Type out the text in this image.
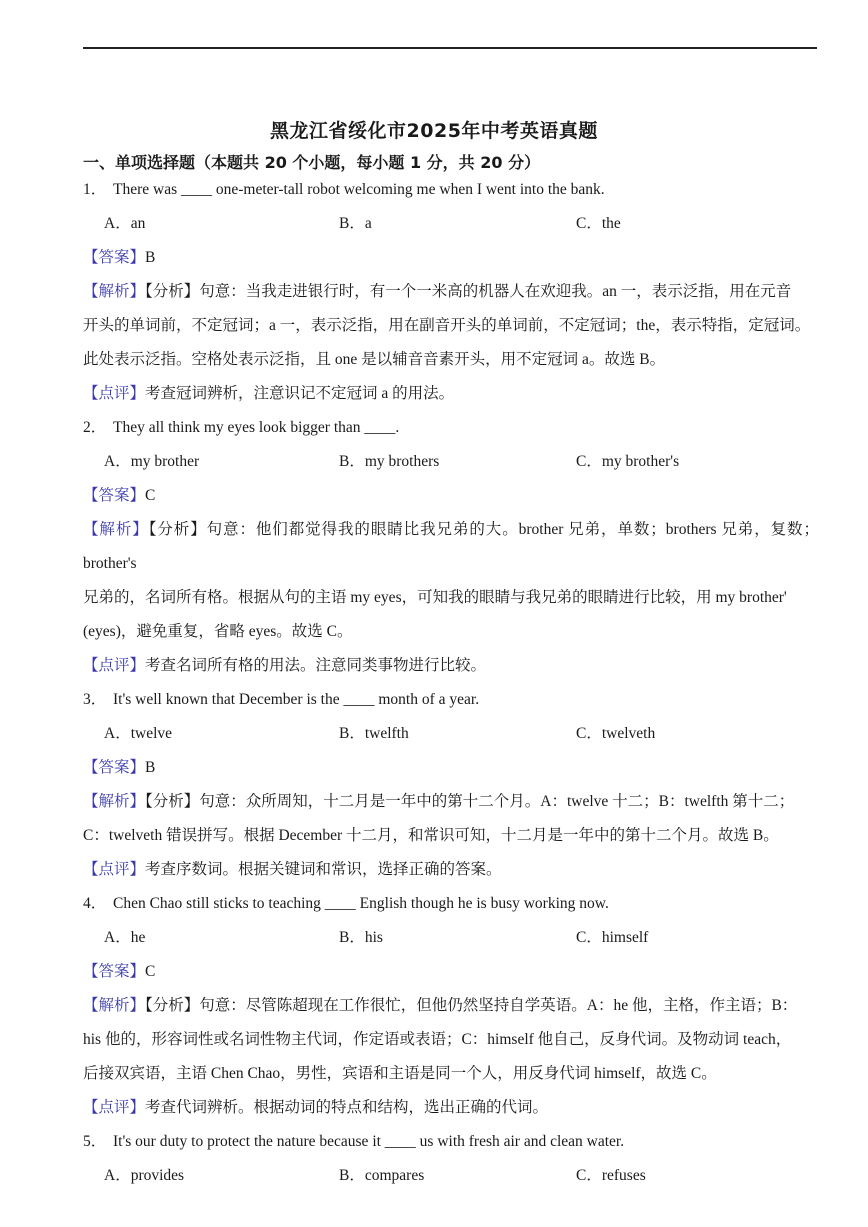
黑龙江省绥化市2025年中考英语真题
一、单项选择题（本题共 20 个小题，每小题 1 分，共 20 分）
1． There was ____ one-meter-tall robot welcoming me when I went into the bank.
A．an	B．a	C．the
【答案】B
【解析】【分析】句意：当我走进银行时，有一个一米高的机器人在欢迎我。an 一，表示泛指，用在元音
开头的单词前，不定冠词；a 一，表示泛指，用在副音开头的单词前，不定冠词；the，表示特指，定冠词。
此处表示泛指。空格处表示泛指，且 one 是以辅音音素开头，用不定冠词 a。故选 B。
【点评】考查冠词辨析，注意识记不定冠词 a 的用法。
2． They all think my eyes look bigger than ____.
A．my brother	B．my brothers	C．my brother's
【答案】C
【解析】【分析】句意：他们都觉得我的眼睛比我兄弟的大。brother 兄弟，单数；brothers 兄弟，复数；brother's
兄弟的，名词所有格。根据从句的主语 my eyes，可知我的眼睛与我兄弟的眼睛进行比较，用 my brother'
(eyes)，避免重复，省略 eyes。故选 C。
【点评】考查名词所有格的用法。注意同类事物进行比较。
3． It's well known that December is the ____ month of a year.
A．twelve	B．twelfth	C．twelveth
【答案】B
【解析】【分析】句意：众所周知，十二月是一年中的第十二个月。A：twelve 十二；B：twelfth 第十二；
C：twelveth 错误拼写。根据 December 十二月，和常识可知，十二月是一年中的第十二个月。故选 B。
【点评】考查序数词。根据关键词和常识，选择正确的答案。
4． Chen Chao still sticks to teaching ____ English though he is busy working now.
A．he	B．his	C．himself
【答案】C
【解析】【分析】句意：尽管陈超现在工作很忙，但他仍然坚持自学英语。A：he 他，主格，作主语；B：
his 他的，形容词性或名词性物主代词，作定语或表语；C：himself 他自己，反身代词。及物动词 teach，
后接双宾语，主语 Chen Chao，男性，宾语和主语是同一个人，用反身代词 himself，故选 C。
【点评】考查代词辨析。根据动词的特点和结构，选出正确的代词。
5． It's our duty to protect the nature because it ____ us with fresh air and clean water.
A．provides	B．compares	C．refuses
